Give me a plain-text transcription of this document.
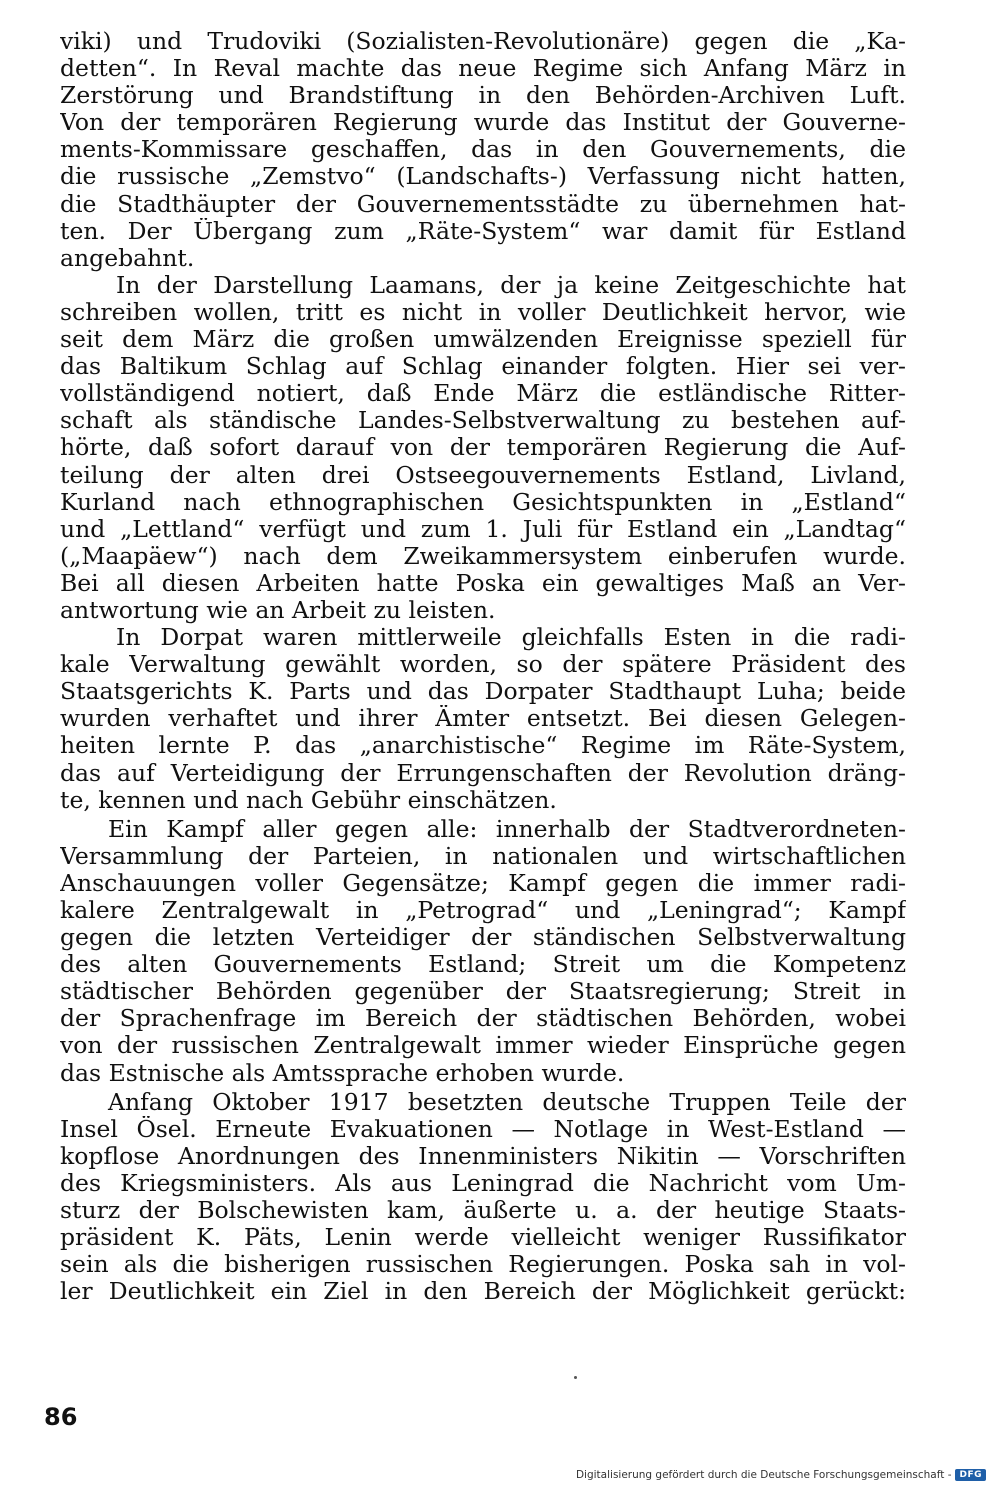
viki) und Trudoviki (Sozialisten-Revolutionäre) gegen die „Ka-
detten“. In Reval machte das neue Regime sich Anfang März in
Zerstörung und Brandstiftung in den Behörden-Archiven Luft.
Von der temporären Regierung wurde das Institut der Gouverne-
ments-Kommissare geschaffen, das in den Gouvernements, die
die russische „Zemstvo“ (Landschafts-) Verfassung nicht hatten,
die Stadthäupter der Gouvernementsstädte zu übernehmen hat-
ten. Der Übergang zum „Räte-System“ war damit für Estland
angebahnt.
In der Darstellung Laamans, der ja keine Zeitgeschichte hat
schreiben wollen, tritt es nicht in voller Deutlichkeit hervor, wie
seit dem März die großen umwälzenden Ereignisse speziell für
das Baltikum Schlag auf Schlag einander folgten. Hier sei ver-
vollständigend notiert, daß Ende März die estländische Ritter-
schaft als ständische Landes-Selbstverwaltung zu bestehen auf-
hörte, daß sofort darauf von der temporären Regierung die Auf-
teilung der alten drei Ostseegouvernements Estland, Livland,
Kurland nach ethnographischen Gesichtspunkten in „Estland“
und „Lettland“ verfügt und zum 1. Juli für Estland ein „Landtag“
(„Maapäew“) nach dem Zweikammersystem einberufen wurde.
Bei all diesen Arbeiten hatte Poska ein gewaltiges Maß an Ver-
antwortung wie an Arbeit zu leisten.
In Dorpat waren mittlerweile gleichfalls Esten in die radi-
kale Verwaltung gewählt worden, so der spätere Präsident des
Staatsgerichts K. Parts und das Dorpater Stadthaupt Luha; beide
wurden verhaftet und ihrer Ämter entsetzt. Bei diesen Gelegen-
heiten lernte P. das „anarchistische“ Regime im Räte-System,
das auf Verteidigung der Errungenschaften der Revolution dräng-
te, kennen und nach Gebühr einschätzen.
Ein Kampf aller gegen alle: innerhalb der Stadtverordneten-
Versammlung der Parteien, in nationalen und wirtschaftlichen
Anschauungen voller Gegensätze; Kampf gegen die immer radi-
kalere Zentralgewalt in „Petrograd“ und „Leningrad“; Kampf
gegen die letzten Verteidiger der ständischen Selbstverwaltung
des alten Gouvernements Estland; Streit um die Kompetenz
städtischer Behörden gegenüber der Staatsregierung; Streit in
der Sprachenfrage im Bereich der städtischen Behörden, wobei
von der russischen Zentralgewalt immer wieder Einsprüche gegen
das Estnische als Amtssprache erhoben wurde.
Anfang Oktober 1917 besetzten deutsche Truppen Teile der
Insel Ösel. Erneute Evakuationen — Notlage in West-Estland —
kopflose Anordnungen des Innenministers Nikitin — Vorschriften
des Kriegsministers. Als aus Leningrad die Nachricht vom Um-
sturz der Bolschewisten kam, äußerte u. a. der heutige Staats-
präsident K. Päts, Lenin werde vielleicht weniger Russifikator
sein als die bisherigen russischen Regierungen. Poska sah in vol-
ler Deutlichkeit ein Ziel in den Bereich der Möglichkeit gerückt:
86
Digitalisierung gefördert durch die Deutsche Forschungsgemeinschaft - DFG
